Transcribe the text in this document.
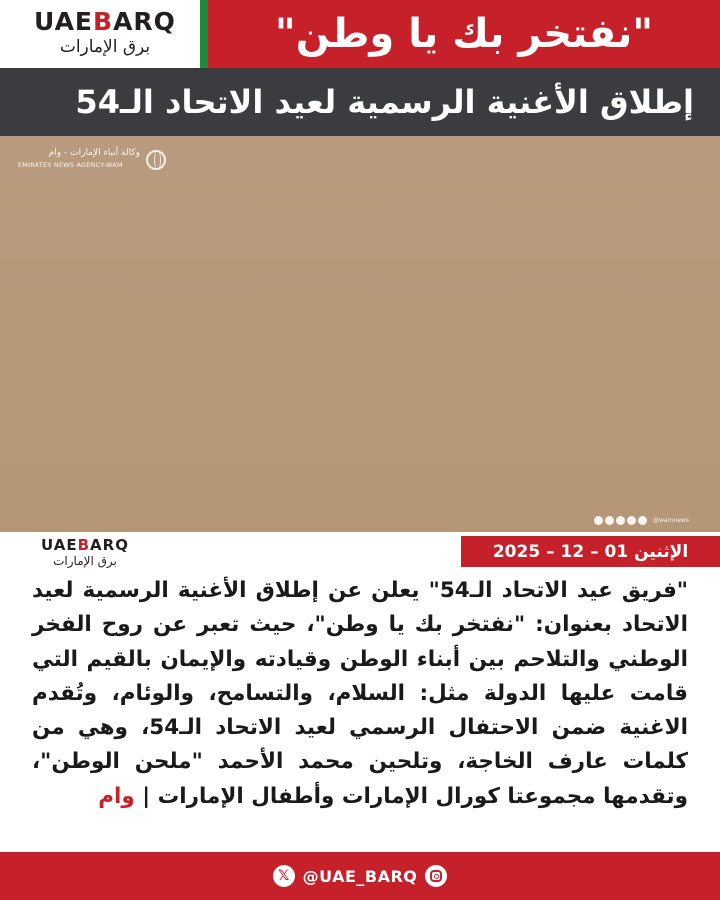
UAEBARQ
برق الإمارات	"نفتخر بك يا وطن"
إطلاق الأغنية الرسمية لعيد الاتحاد الـ54
وكالة أنباء الإمارات - وام
EMIRATES NEWS AGENCY-WAM
@wamnews
UAEBARQ
برق الإمارات	الإثنين 01 – 12 – 2025
"فريق عيد الاتحاد الـ54" يعلن عن إطلاق الأغنية الرسمية لعيد الاتحاد بعنوان: "نفتخر بك يا وطن"، حيث تعبر عن روح الفخر الوطني والتلاحم بين أبناء الوطن وقيادته والإيمان بالقيم التي قامت عليها الدولة مثل: السلام، والتسامح، والوئام، وتُقدم الاغنية ضمن الاحتفال الرسمي لعيد الاتحاد الـ54، وهي من كلمات عارف الخاجة، وتلحين محمد الأحمد "ملحن الوطن"، وتقدمها مجموعتا كورال الإمارات وأطفال الإمارات | وام
𝕏 @UAE_BARQ
